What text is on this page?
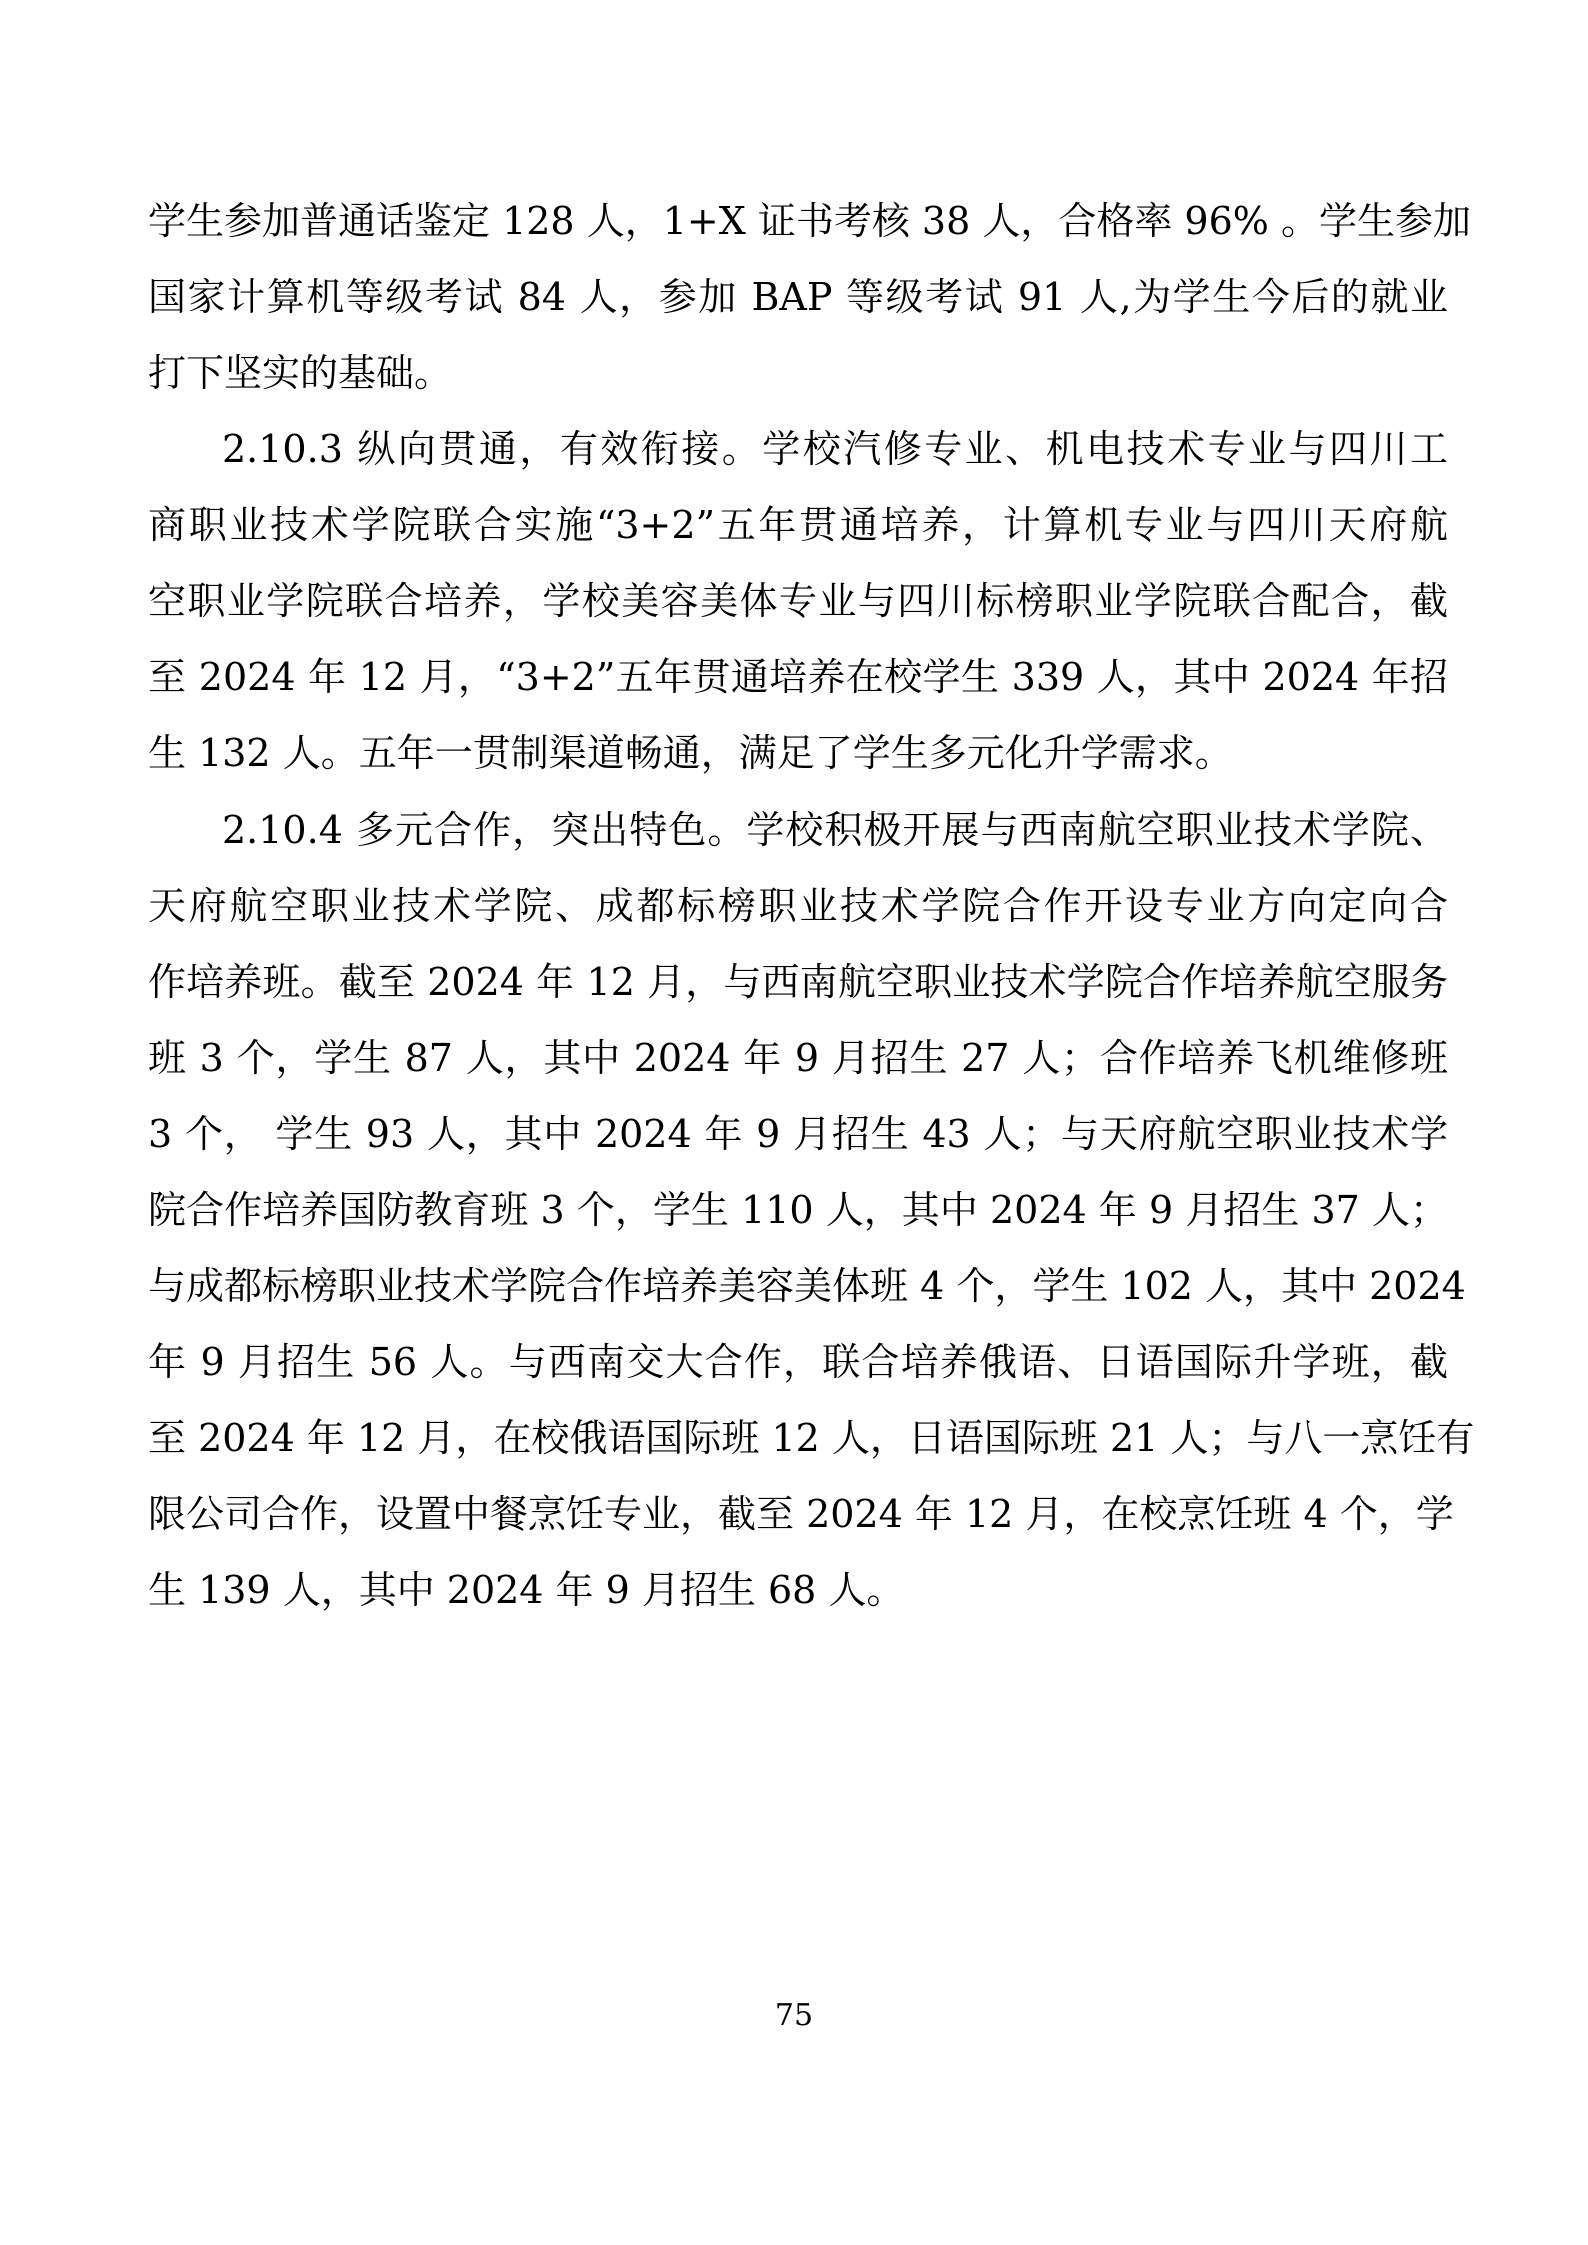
学生参加普通话鉴定 128 人，1+X 证书考核 38 人，合格率 96% 。学生参加
国家计算机等级考试 84 人，参加 BAP 等级考试 91 人,为学生今后的就业
打下坚实的基础。
2.10.3 纵向贯通，有效衔接。学校汽修专业、机电技术专业与四川工
商职业技术学院联合实施“3+2”五年贯通培养，计算机专业与四川天府航
空职业学院联合培养，学校美容美体专业与四川标榜职业学院联合配合，截
至 2024 年 12 月，“3+2”五年贯通培养在校学生 339 人，其中 2024 年招
生 132 人。五年一贯制渠道畅通，满足了学生多元化升学需求。
2.10.4 多元合作，突出特色。学校积极开展与西南航空职业技术学院、
天府航空职业技术学院、成都标榜职业技术学院合作开设专业方向定向合
作培养班。截至 2024 年 12 月，与西南航空职业技术学院合作培养航空服务
班 3 个，学生 87 人，其中 2024 年 9 月招生 27 人；合作培养飞机维修班
3 个， 学生 93 人，其中 2024 年 9 月招生 43 人；与天府航空职业技术学
院合作培养国防教育班 3 个，学生 110 人，其中 2024 年 9 月招生 37 人；
与成都标榜职业技术学院合作培养美容美体班 4 个，学生 102 人，其中 2024
年 9 月招生 56 人。与西南交大合作，联合培养俄语、日语国际升学班，截
至 2024 年 12 月，在校俄语国际班 12 人，日语国际班 21 人；与八一烹饪有
限公司合作，设置中餐烹饪专业，截至 2024 年 12 月，在校烹饪班 4 个，学
生 139 人，其中 2024 年 9 月招生 68 人。
75
